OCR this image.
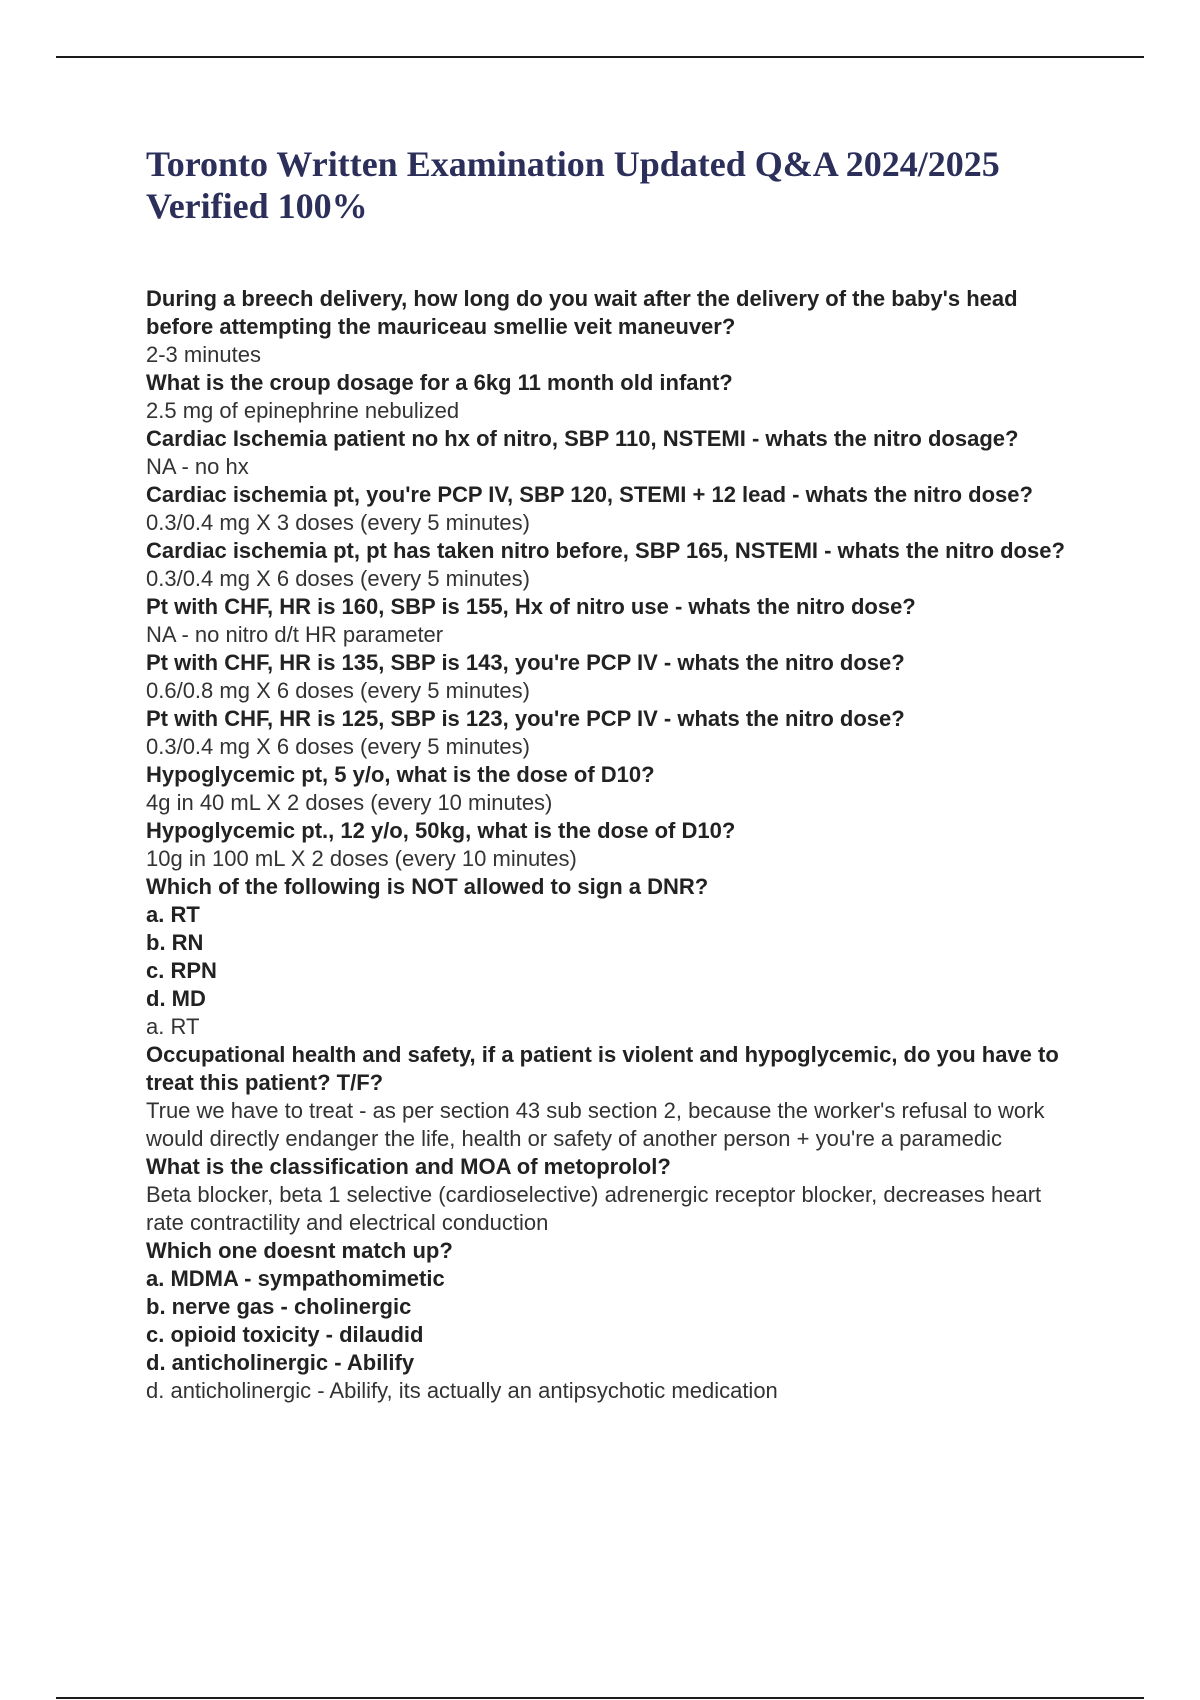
Toronto Written Examination Updated Q&A 2024/2025 Verified 100%
During a breech delivery, how long do you wait after the delivery of the baby's head before attempting the mauriceau smellie veit maneuver?
2-3 minutes
What is the croup dosage for a 6kg 11 month old infant?
2.5 mg of epinephrine nebulized
Cardiac Ischemia patient no hx of nitro, SBP 110, NSTEMI - whats the nitro dosage?
NA - no hx
Cardiac ischemia pt, you're PCP IV, SBP 120, STEMI + 12 lead - whats the nitro dose?
0.3/0.4 mg X 3 doses (every 5 minutes)
Cardiac ischemia pt, pt has taken nitro before, SBP 165, NSTEMI - whats the nitro dose?
0.3/0.4 mg X 6 doses (every 5 minutes)
Pt with CHF, HR is 160, SBP is 155, Hx of nitro use - whats the nitro dose?
NA - no nitro d/t HR parameter
Pt with CHF, HR is 135, SBP is 143, you're PCP IV - whats the nitro dose?
0.6/0.8 mg X 6 doses (every 5 minutes)
Pt with CHF, HR is 125, SBP is 123, you're PCP IV - whats the nitro dose?
0.3/0.4 mg X 6 doses (every 5 minutes)
Hypoglycemic pt, 5 y/o, what is the dose of D10?
4g in 40 mL X 2 doses (every 10 minutes)
Hypoglycemic pt., 12 y/o, 50kg, what is the dose of D10?
10g in 100 mL X 2 doses (every 10 minutes)
Which of the following is NOT allowed to sign a DNR?
a. RT
b. RN
c. RPN
d. MD
a. RT
Occupational health and safety, if a patient is violent and hypoglycemic, do you have to treat this patient? T/F?
True we have to treat - as per section 43 sub section 2, because the worker's refusal to work would directly endanger the life, health or safety of another person + you're a paramedic
What is the classification and MOA of metoprolol?
Beta blocker, beta 1 selective (cardioselective) adrenergic receptor blocker, decreases heart rate contractility and electrical conduction
Which one doesnt match up?
a. MDMA - sympathomimetic
b. nerve gas - cholinergic
c. opioid toxicity - dilaudid
d. anticholinergic - Abilify
d. anticholinergic - Abilify, its actually an antipsychotic medication
